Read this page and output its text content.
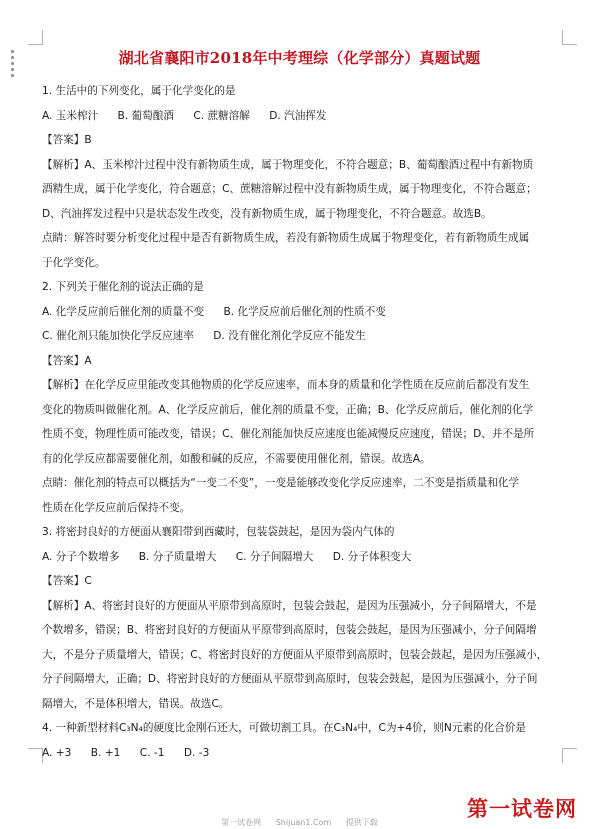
湖北省襄阳市2018年中考理综（化学部分）真题试题
1. 生活中的下列变化，属于化学变化的是
A. 玉米榨汁 B. 葡萄酿酒 C. 蔗糖溶解 D. 汽油挥发
【答案】B
【解析】A、玉米榨汁过程中没有新物质生成，属于物理变化，不符合题意；B、葡萄酿酒过程中有新物质
酒精生成，属于化学变化，符合题意；C、蔗糖溶解过程中没有新物质生成，属于物理变化，不符合题意；
D、汽油挥发过程中只是状态发生改变，没有新物质生成，属于物理变化，不符合题意。故选B。
点睛：解答时要分析变化过程中是否有新物质生成，若没有新物质生成属于物理变化，若有新物质生成属
于化学变化。
2. 下列关于催化剂的说法正确的是
A. 化学反应前后催化剂的质量不变 B. 化学反应前后催化剂的性质不变
C. 催化剂只能加快化学反应速率 D. 没有催化剂化学反应不能发生
【答案】A
【解析】在化学反应里能改变其他物质的化学反应速率，而本身的质量和化学性质在反应前后都没有发生
变化的物质叫做催化剂。A、化学反应前后，催化剂的质量不变，正确；B、化学反应前后，催化剂的化学
性质不变，物理性质可能改变，错误；C、催化剂能加快反应速度也能减慢反应速度，错误；D、并不是所
有的化学反应都需要催化剂，如酸和碱的反应，不需要使用催化剂，错误。故选A。
点睛：催化剂的特点可以概括为“一变二不变”，一变是能够改变化学反应速率，二不变是指质量和化学
性质在化学反应前后保持不变。
3. 将密封良好的方便面从襄阳带到西藏时，包装袋鼓起，是因为袋内气体的
A. 分子个数增多 B. 分子质量增大 C. 分子间隔增大 D. 分子体积变大
【答案】C
【解析】A、将密封良好的方便面从平原带到高原时，包装会鼓起，是因为压强减小，分子间隔增大，不是
个数增多，错误；B、将密封良好的方便面从平原带到高原时，包装会鼓起，是因为压强减小，分子间隔增
大，不是分子质量增大，错误；C、将密封良好的方便面从平原带到高原时，包装会鼓起，是因为压强减小，
分子间隔增大，正确；D、将密封良好的方便面从平原带到高原时，包装会鼓起，是因为压强减小，分子间
隔增大，不是体积增大，错误。故选C。
4. 一种新型材料C₃N₄的硬度比金刚石还大，可做切割工具。在C₃N₄中，C为+4价，则N元素的化合价是
A. +3 B. +1 C. -1 D. -3
第一试卷网
第一试卷网 Shijuan1.Com 提供下载
